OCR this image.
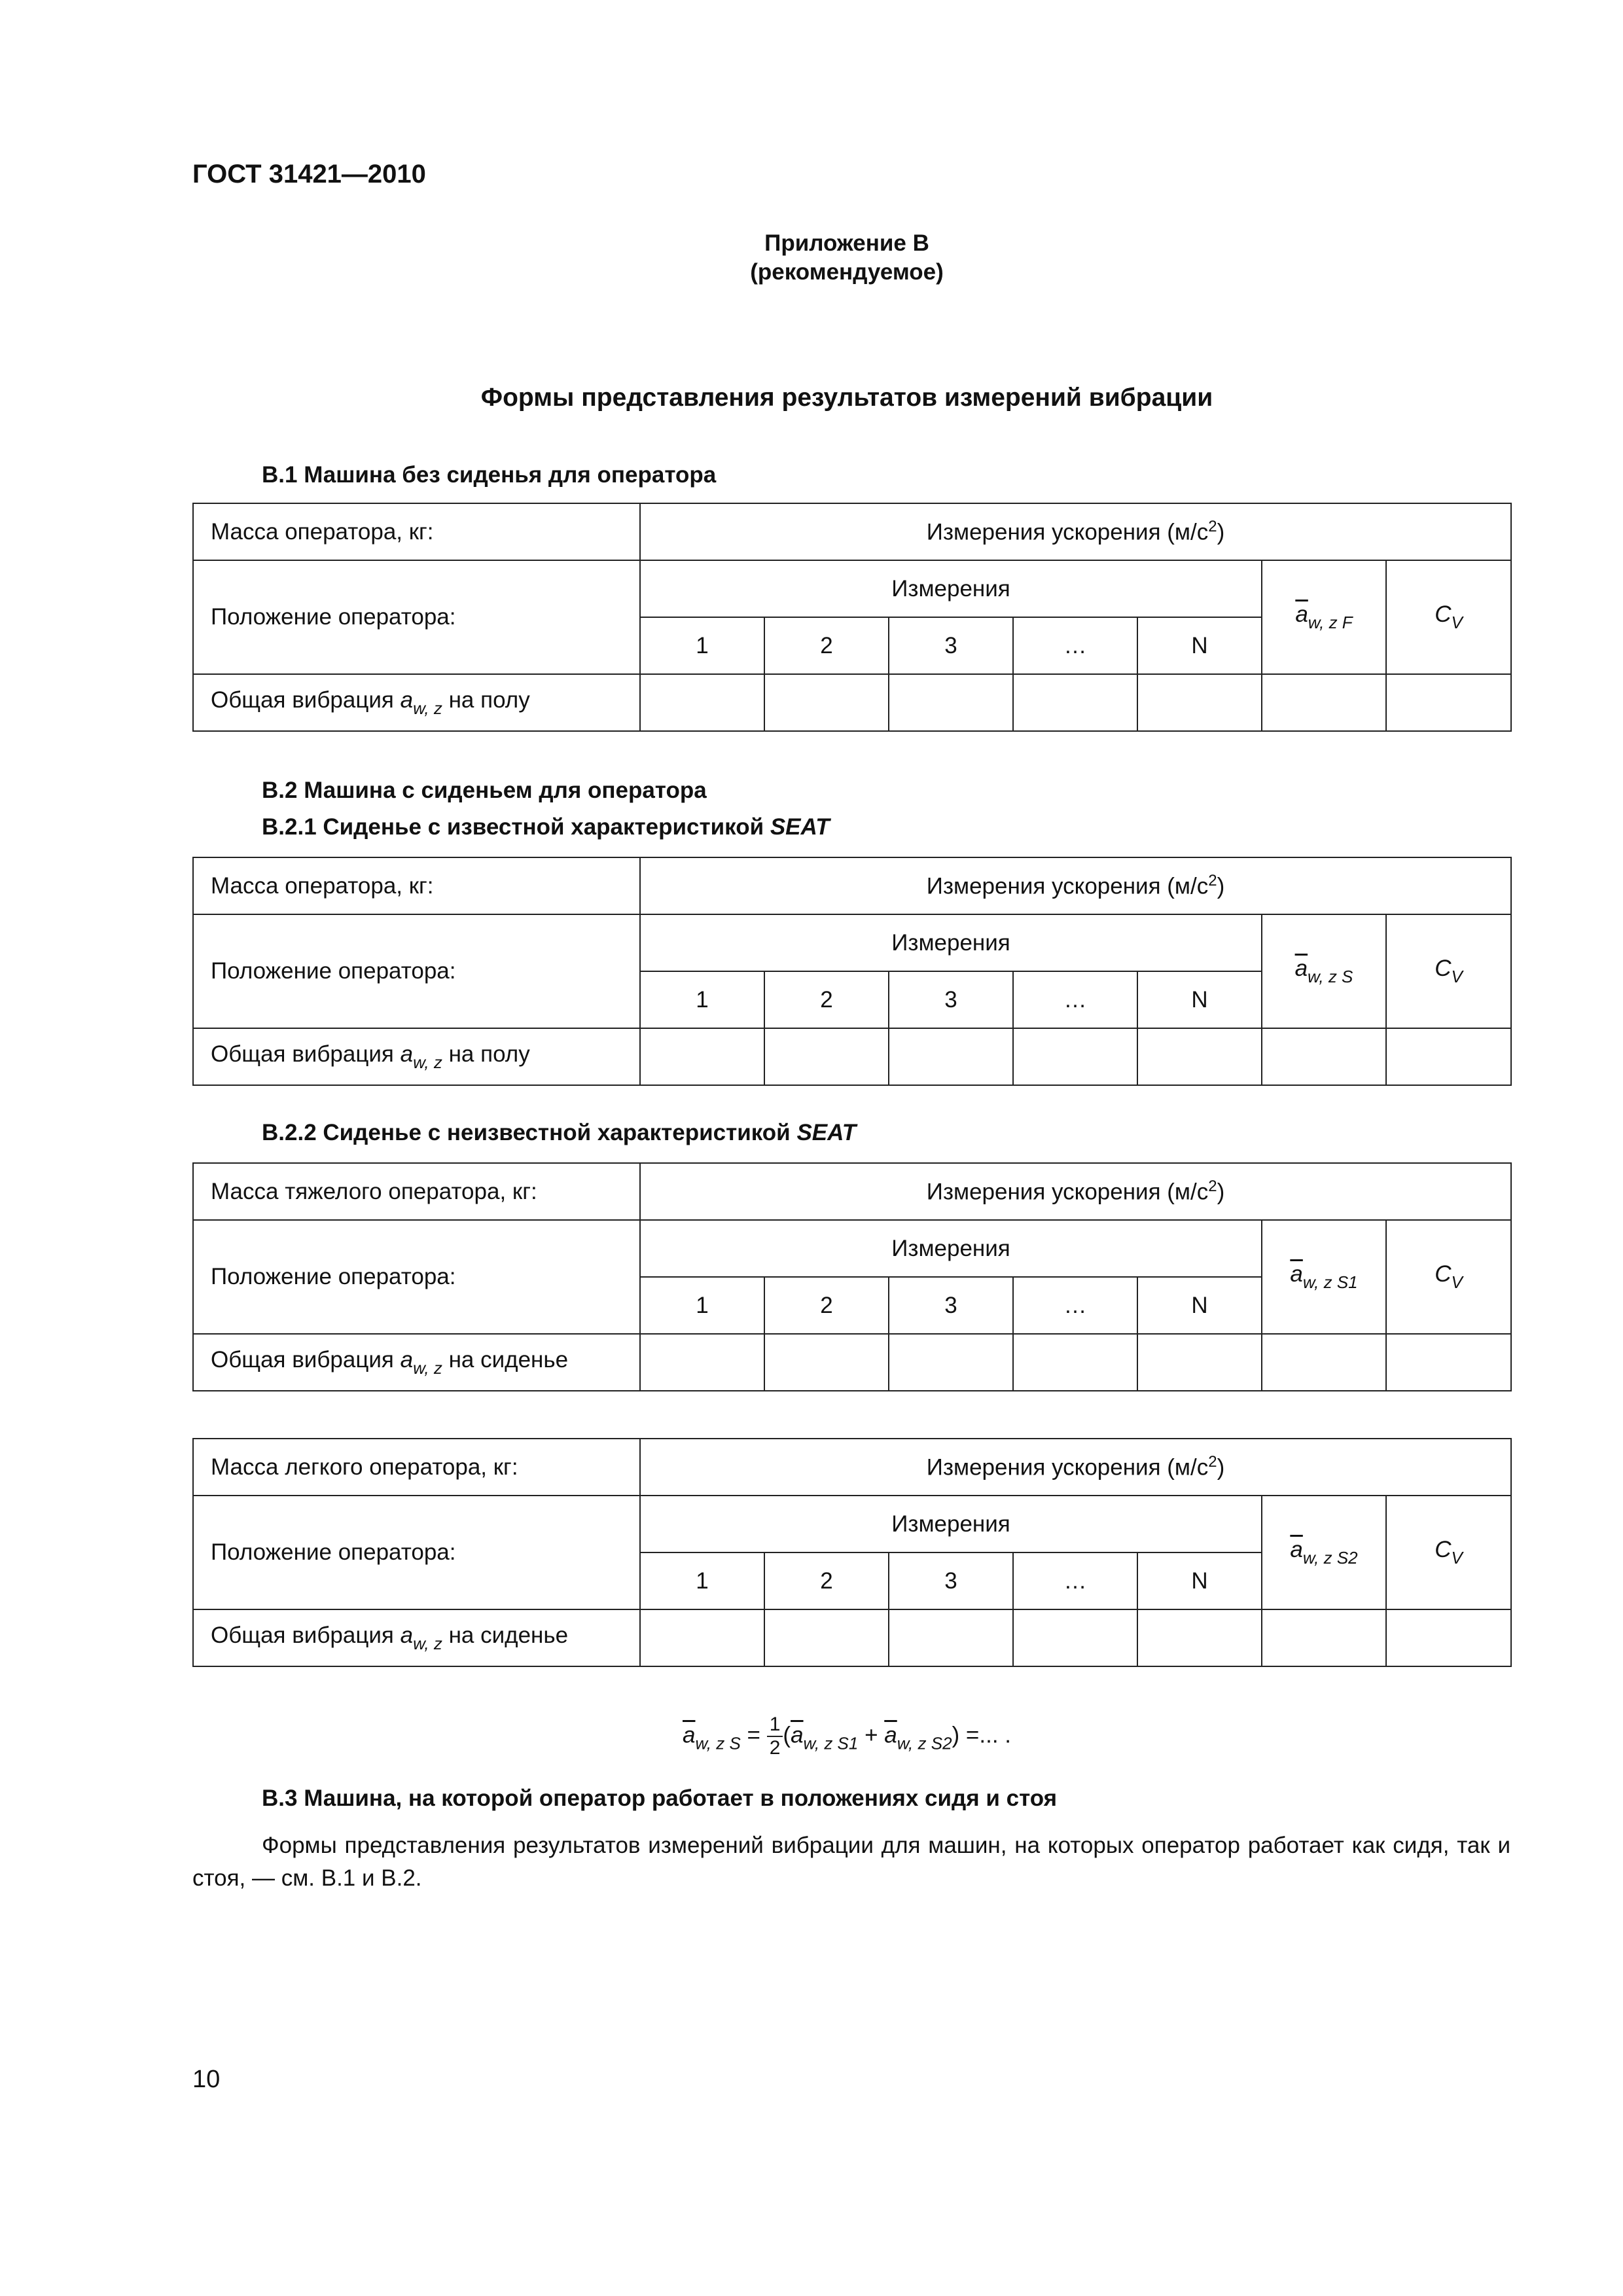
ГОСТ 31421—2010
Приложение В
(рекомендуемое)
Формы представления результатов измерений вибрации
В.1 Машина без сиденья для оператора
Масса оператора, кг:	Измерения ускорения $(м/с^2)$						
Положение оператора:	Измерения					$\overline{a}_{w, z F}$	$C_V$
	1	2	3	…	N		
Общая вибрация $a_{w, z}$ на полу							
В.2 Машина с сиденьем для оператора
В.2.1 Сиденье с известной характеристикой SEAT
Масса оператора, кг:	Измерения ускорения $(м/с^2)$						
Положение оператора:	Измерения					$\overline{a}_{w, z S}$	$C_V$
	1	2	3	…	N		
Общая вибрация $a_{w, z}$ на полу							
В.2.2 Сиденье с неизвестной характеристикой SEAT
Масса тяжелого оператора, кг:	Измерения ускорения $(м/с^2)$						
Положение оператора:	Измерения					$\overline{a}_{w, z S1}$	$C_V$
	1	2	3	…	N		
Общая вибрация $a_{w, z}$ на сиденье							
Масса легкого оператора, кг:	Измерения ускорения $(м/с^2)$						
Положение оператора:	Измерения					$\overline{a}_{w, z S2}$	$C_V$
	1	2	3	…	N		
Общая вибрация $a_{w, z}$ на сиденье							
$\overline{a}_{w, z S} = \frac{1}{2} (\overline{a}_{w, z S1} + \overline{a}_{w, z S2})$ =... .
В.3 Машина, на которой оператор работает в положениях сидя и стоя
Формы представления результатов измерений вибрации для машин, на которых оператор работает как сидя, так и стоя, — см. В.1 и В.2.
10
